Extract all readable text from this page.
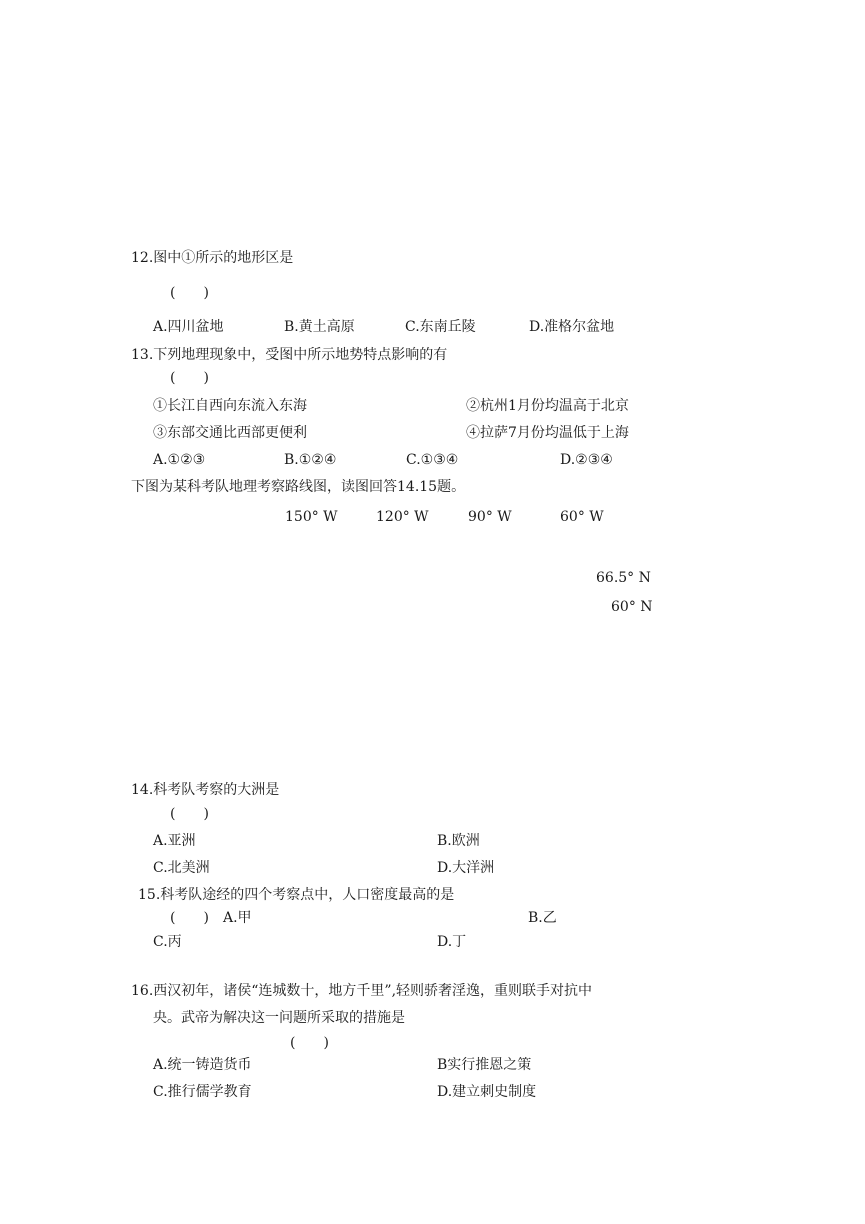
12.图中①所示的地形区是
(　　)
A.四川盆地	B.黄土高原	C.东南丘陵	D.准格尔盆地
13.下列地理现象中，受图中所示地势特点影响的有
(　　)
①长江自西向东流入东海	②杭州1月份均温高于北京
③东部交通比西部更便利	④拉萨7月份均温低于上海
A.①②③	B.①②④	C.①③④	D.②③④
下图为某科考队地理考察路线图，读图回答14.15题。
150° W	120° W	90° W	60° W
66.5° N
60° N
14.科考队考察的大洲是
(　　)
A.亚洲	B.欧洲
C.北美洲	D.大洋洲
15.科考队途经的四个考察点中，人口密度最高的是
(　　) A.甲	B.乙
C.丙	D.丁
16.西汉初年，诸侯“连城数十，地方千里”,轻则骄奢淫逸，重则联手对抗中
央。武帝为解决这一问题所采取的措施是
(　　)
A.统一铸造货币	B实行推恩之策
C.推行儒学教育	D.建立刺史制度
